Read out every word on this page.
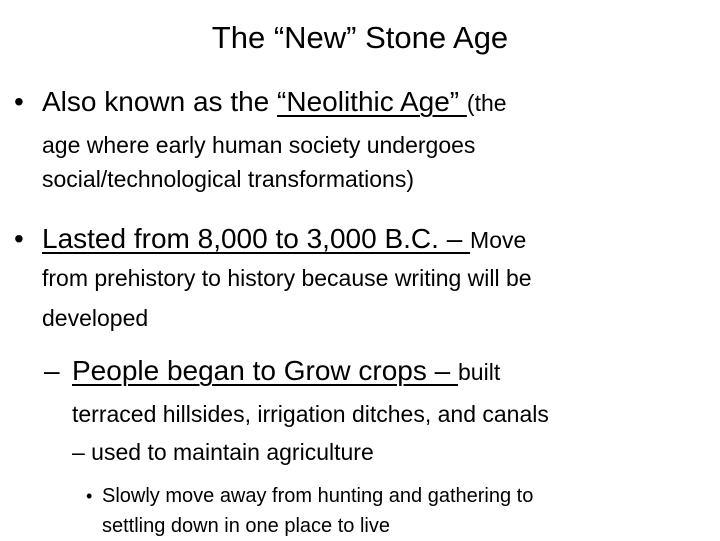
The “New” Stone Age
• Also known as the “Neolithic Age” (the
age where early human society undergoes
social/technological transformations)
• Lasted from 8,000 to 3,000 B.C. – Move
from prehistory to history because writing will be
developed
– People began to Grow crops – built
terraced hillsides, irrigation ditches, and canals
– used to maintain agriculture
• Slowly move away from hunting and gathering to
settling down in one place to live
